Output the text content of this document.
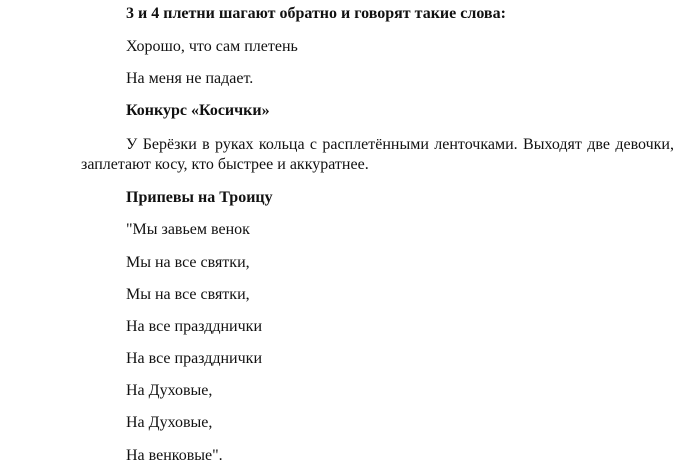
3 и 4 плетни шагают обратно и говорят такие слова:
Хорошо, что сам плетень
На меня не падает.
Конкурс «Косички»
У Берёзки в руках кольца с расплетёнными ленточками. Выходят две девочки, заплетают косу, кто быстрее и аккуратнее.
Припевы на Троицу
"Мы завьем венок
Мы на все святки,
Мы на все святки,
На все праздднички
На все праздднички
На Духовые,
На Духовые,
На венковые".
